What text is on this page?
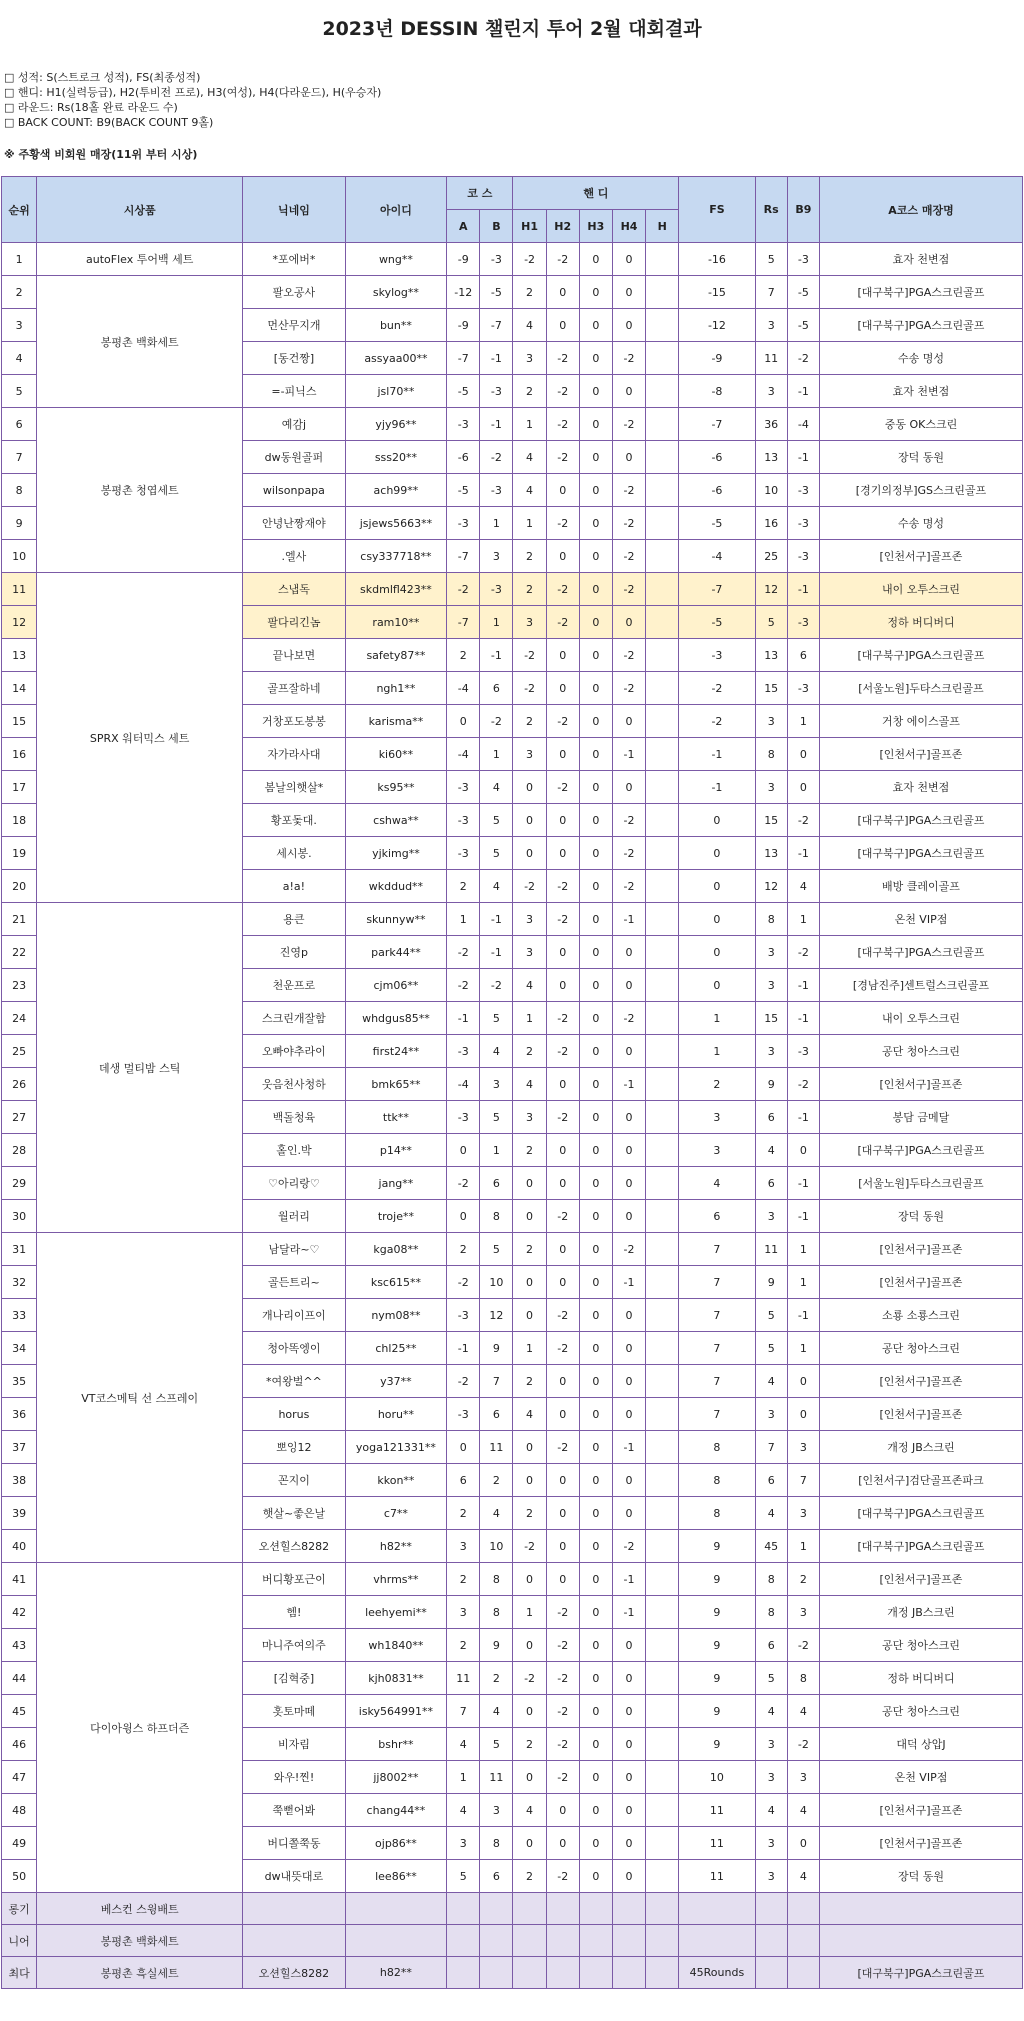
2023년 DESSIN 챌린지 투어 2월 대회결과
□ 성적: S(스트로크 성적), FS(최종성적)
□ 핸디: H1(실력등급), H2(투비전 프로), H3(여성), H4(다라운드), H(우승자)
□ 라운드: Rs(18홀 완료 라운드 수)
□ BACK COUNT: B9(BACK COUNT 9홀)
※ 주황색 비회원 매장(11위 부터 시상)
순위	시상품	닉네임	아이디	코 스		핸 디					FS	Rs	B9	A코스 매장명
				A	B	H1	H2	H3	H4	H				
1	autoFlex 투어백 세트	*포에버*	wng**	-9	-3	-2	-2	0	0		-16	5	-3	효자 천변점
2	봉평촌 백화세트	팔오공사	skylog**	-12	-5	2	0	0	0		-15	7	-5	[대구북구]PGA스크린골프
3		먼산무지개	bun**	-9	-7	4	0	0	0		-12	3	-5	[대구북구]PGA스크린골프
4		[동건짱]	assyaa00**	-7	-1	3	-2	0	-2		-9	11	-2	수송 명성
5		=-피닉스	jsl70**	-5	-3	2	-2	0	0		-8	3	-1	효자 천변점
6	봉평촌 청엽세트	예감j	yjy96**	-3	-1	1	-2	0	-2		-7	36	-4	중동 OK스크린
7		dw동원골퍼	sss20**	-6	-2	4	-2	0	0		-6	13	-1	장덕 동원
8		wilsonpapa	ach99**	-5	-3	4	0	0	-2		-6	10	-3	[경기의정부]GS스크린골프
9		안녕난짱재야	jsjews5663**	-3	1	1	-2	0	-2		-5	16	-3	수송 명성
10		.엘사	csy337718**	-7	3	2	0	0	-2		-4	25	-3	[인천서구]골프존
11	SPRX 워터믹스 세트	스냅독	skdmlfl423**	-2	-3	2	-2	0	-2		-7	12	-1	내이 오투스크린
12		팔다리긴놈	ram10**	-7	1	3	-2	0	0		-5	5	-3	정하 버디버디
13		끝나보면	safety87**	2	-1	-2	0	0	-2		-3	13	6	[대구북구]PGA스크린골프
14		골프잘하네	ngh1**	-4	6	-2	0	0	-2		-2	15	-3	[서울노원]두타스크린골프
15		거창포도봉봉	karisma**	0	-2	2	-2	0	0		-2	3	1	거창 에이스골프
16		자가라사대	ki60**	-4	1	3	0	0	-1		-1	8	0	[인천서구]골프존
17		봄날의햇살*	ks95**	-3	4	0	-2	0	0		-1	3	0	효자 천변점
18		황포돛대.	cshwa**	-3	5	0	0	0	-2		0	15	-2	[대구북구]PGA스크린골프
19		세시봉.	yjkimg**	-3	5	0	0	0	-2		0	13	-1	[대구북구]PGA스크린골프
20		a!a!	wkddud**	2	4	-2	-2	0	-2		0	12	4	배방 클레이골프
21	데생 멀티밤 스틱	용큰	skunnyw**	1	-1	3	-2	0	-1		0	8	1	온천 VIP점
22		진영p	park44**	-2	-1	3	0	0	0		0	3	-2	[대구북구]PGA스크린골프
23		천운프로	cjm06**	-2	-2	4	0	0	0		0	3	-1	[경남진주]센트럴스크린골프
24		스크린개잘함	whdgus85**	-1	5	1	-2	0	-2		1	15	-1	내이 오투스크린
25		오빠야추라이	first24**	-3	4	2	-2	0	0		1	3	-3	공단 청아스크린
26		웃음천사청하	bmk65**	-4	3	4	0	0	-1		2	9	-2	[인천서구]골프존
27		백돌청육	ttk**	-3	5	3	-2	0	0		3	6	-1	봉담 금메달
28		홀인.박	p14**	0	1	2	0	0	0		3	4	0	[대구북구]PGA스크린골프
29		♡아리랑♡	jang**	-2	6	0	0	0	0		4	6	-1	[서울노원]두타스크린골프
30		월러리	troje**	0	8	0	-2	0	0		6	3	-1	장덕 동원
31	VT코스메틱 선 스프레이	남달라~♡	kga08**	2	5	2	0	0	-2		7	11	1	[인천서구]골프존
32		골든트리~	ksc615**	-2	10	0	0	0	-1		7	9	1	[인천서구]골프존
33		개나리이프이	nym08**	-3	12	0	-2	0	0		7	5	-1	소룡 소룡스크린
34		청아똑엥이	chl25**	-1	9	1	-2	0	0		7	5	1	공단 청아스크린
35		*여왕벌^^	y37**	-2	7	2	0	0	0		7	4	0	[인천서구]골프존
36		horus	horu**	-3	6	4	0	0	0		7	3	0	[인천서구]골프존
37		뽀잉12	yoga121331**	0	11	0	-2	0	-1		8	7	3	개정 JB스크린
38		꼰지이	kkon**	6	2	0	0	0	0		8	6	7	[인천서구]검단골프존파크
39		햇살~좋은날	c7**	2	4	2	0	0	0		8	4	3	[대구북구]PGA스크린골프
40		오션힐스8282	h82**	3	10	-2	0	0	-2		9	45	1	[대구북구]PGA스크린골프
41	다이아윙스 하프더즌	버디황포근이	vhrms**	2	8	0	0	0	-1		9	8	2	[인천서구]골프존
42		헴!	leehyemi**	3	8	1	-2	0	-1		9	8	3	개정 JB스크린
43		마니주여의주	wh1840**	2	9	0	-2	0	0		9	6	-2	공단 청아스크린
44		[김혁중]	kjh0831**	11	2	-2	-2	0	0		9	5	8	정하 버디버디
45		홋토마떼	isky564991**	7	4	0	-2	0	0		9	4	4	공단 청아스크린
46		비자림	bshr**	4	5	2	-2	0	0		9	3	-2	대덕 상압J
47		와우!찐!	jj8002**	1	11	0	-2	0	0		10	3	3	온천 VIP점
48		쭉뻗어봐	chang44**	4	3	4	0	0	0		11	4	4	[인천서구]골프존
49		버디쫄쭉동	ojp86**	3	8	0	0	0	0		11	3	0	[인천서구]골프존
50		dw내뜻대로	lee86**	5	6	2	-2	0	0		11	3	4	장덕 동원
롱기	베스컨 스윙배트													
니어	봉평촌 백화세트													
최다	봉평촌 흑실세트	오션힐스8282	h82**								45Rounds			[대구북구]PGA스크린골프
